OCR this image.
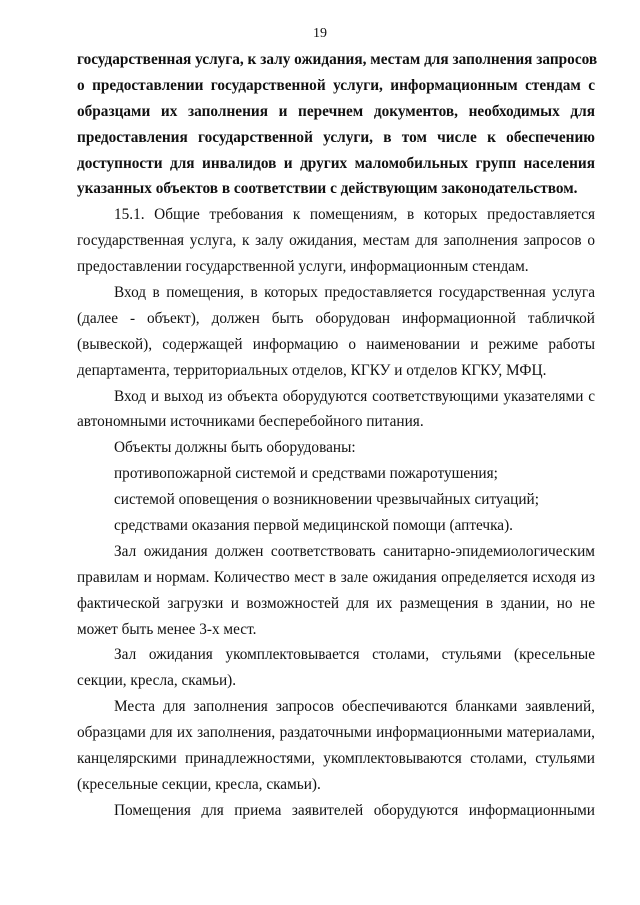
19
государственная услуга, к залу ожидания, местам для заполнения запросов
о предоставлении государственной услуги, информационным стендам с
образцами их заполнения и перечнем документов, необходимых для
предоставления государственной услуги, в том числе к обеспечению
доступности для инвалидов и других маломобильных групп населения
указанных объектов в соответствии с действующим законодательством.
15.1. Общие требования к помещениям, в которых предоставляется
государственная услуга, к залу ожидания, местам для заполнения запросов о
предоставлении государственной услуги, информационным стендам.
Вход в помещения, в которых предоставляется государственная услуга
(далее - объект), должен быть оборудован информационной табличкой
(вывеской), содержащей информацию о наименовании и режиме работы
департамента, территориальных отделов, КГКУ и отделов КГКУ, МФЦ.
Вход и выход из объекта оборудуются соответствующими указателями с
автономными источниками бесперебойного питания.
Объекты должны быть оборудованы:
противопожарной системой и средствами пожаротушения;
системой оповещения о возникновении чрезвычайных ситуаций;
средствами оказания первой медицинской помощи (аптечка).
Зал ожидания должен соответствовать санитарно-эпидемиологическим
правилам и нормам. Количество мест в зале ожидания определяется исходя из
фактической загрузки и возможностей для их размещения в здании, но не
может быть менее 3-х мест.
Зал ожидания укомплектовывается столами, стульями (кресельные
секции, кресла, скамьи).
Места для заполнения запросов обеспечиваются бланками заявлений,
образцами для их заполнения, раздаточными информационными материалами,
канцелярскими принадлежностями, укомплектовываются столами, стульями
(кресельные секции, кресла, скамьи).
Помещения для приема заявителей оборудуются информационными
